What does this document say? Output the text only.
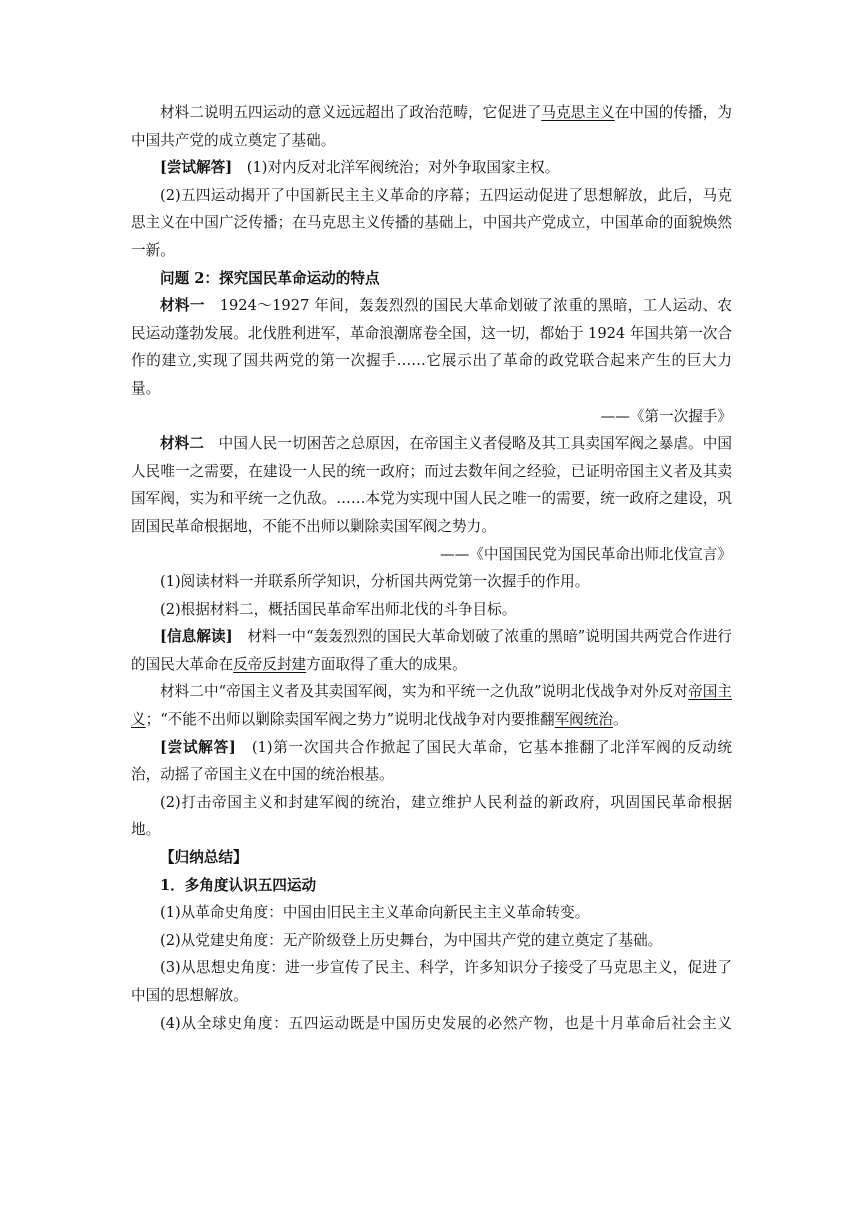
材料二说明五四运动的意义远远超出了政治范畴，它促进了马克思主义在中国的传播，为中国共产党的成立奠定了基础。

[尝试解答]　(1)对内反对北洋军阀统治；对外争取国家主权。

(2)五四运动揭开了中国新民主主义革命的序幕；五四运动促进了思想解放，此后，马克思主义在中国广泛传播；在马克思主义传播的基础上，中国共产党成立，中国革命的面貌焕然一新。

问题 2：探究国民革命运动的特点

材料一　1924～1927 年间，轰轰烈烈的国民大革命划破了浓重的黑暗，工人运动、农民运动蓬勃发展。北伐胜利进军，革命浪潮席卷全国，这一切，都始于 1924 年国共第一次合作的建立,实现了国共两党的第一次握手……它展示出了革命的政党联合起来产生的巨大力量。

——《第一次握手》

材料二　中国人民一切困苦之总原因，在帝国主义者侵略及其工具卖国军阀之暴虐。中国人民唯一之需要，在建设一人民的统一政府；而过去数年间之经验，已证明帝国主义者及其卖国军阀，实为和平统一之仇敌。……本党为实现中国人民之唯一的需要，统一政府之建设，巩固国民革命根据地，不能不出师以剿除卖国军阀之势力。

——《中国国民党为国民革命出师北伐宣言》

(1)阅读材料一并联系所学知识，分析国共两党第一次握手的作用。

(2)根据材料二，概括国民革命军出师北伐的斗争目标。

[信息解读]　材料一中“轰轰烈烈的国民大革命划破了浓重的黑暗”说明国共两党合作进行的国民大革命在反帝反封建方面取得了重大的成果。

材料二中“帝国主义者及其卖国军阀，实为和平统一之仇敌”说明北伐战争对外反对帝国主义；“不能不出师以剿除卖国军阀之势力”说明北伐战争对内要推翻军阀统治。

[尝试解答]　(1)第一次国共合作掀起了国民大革命，它基本推翻了北洋军阀的反动统治，动摇了帝国主义在中国的统治根基。

(2)打击帝国主义和封建军阀的统治，建立维护人民利益的新政府，巩固国民革命根据地。

【归纳总结】

1．多角度认识五四运动

(1)从革命史角度：中国由旧民主主义革命向新民主主义革命转变。

(2)从党建史角度：无产阶级登上历史舞台，为中国共产党的建立奠定了基础。

(3)从思想史角度：进一步宣传了民主、科学，许多知识分子接受了马克思主义，促进了中国的思想解放。

(4)从全球史角度：五四运动既是中国历史发展的必然产物，也是十月革命后社会主义
